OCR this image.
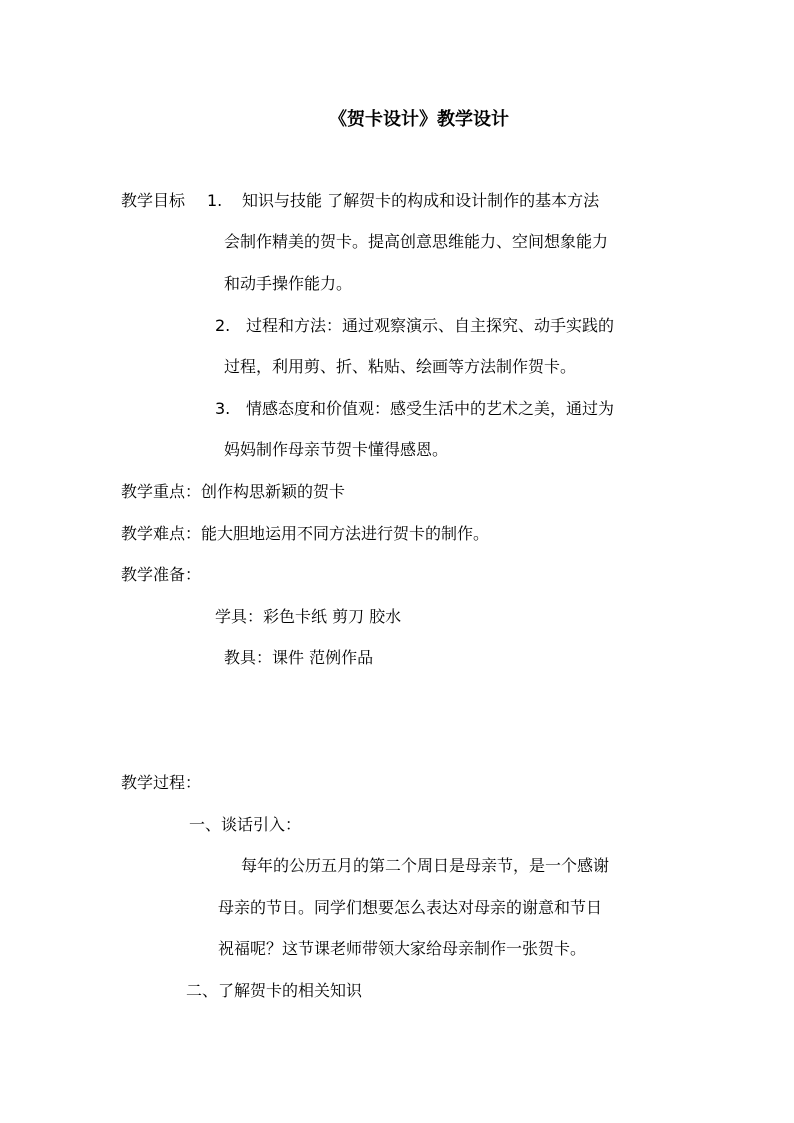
《贺卡设计》教学设计
教学目标 1. 知识与技能 了解贺卡的构成和设计制作的基本方法
会制作精美的贺卡。提高创意思维能力、空间想象能力
和动手操作能力。
2. 过程和方法：通过观察演示、自主探究、动手实践的
过程，利用剪、折、粘贴、绘画等方法制作贺卡。
3. 情感态度和价值观：感受生活中的艺术之美，通过为
妈妈制作母亲节贺卡懂得感恩。
教学重点：创作构思新颖的贺卡
教学难点：能大胆地运用不同方法进行贺卡的制作。
教学准备：
学具：彩色卡纸 剪刀 胶水
教具：课件 范例作品
教学过程：
一、谈话引入：
每年的公历五月的第二个周日是母亲节，是一个感谢
母亲的节日。同学们想要怎么表达对母亲的谢意和节日
祝福呢？这节课老师带领大家给母亲制作一张贺卡。
二、了解贺卡的相关知识
